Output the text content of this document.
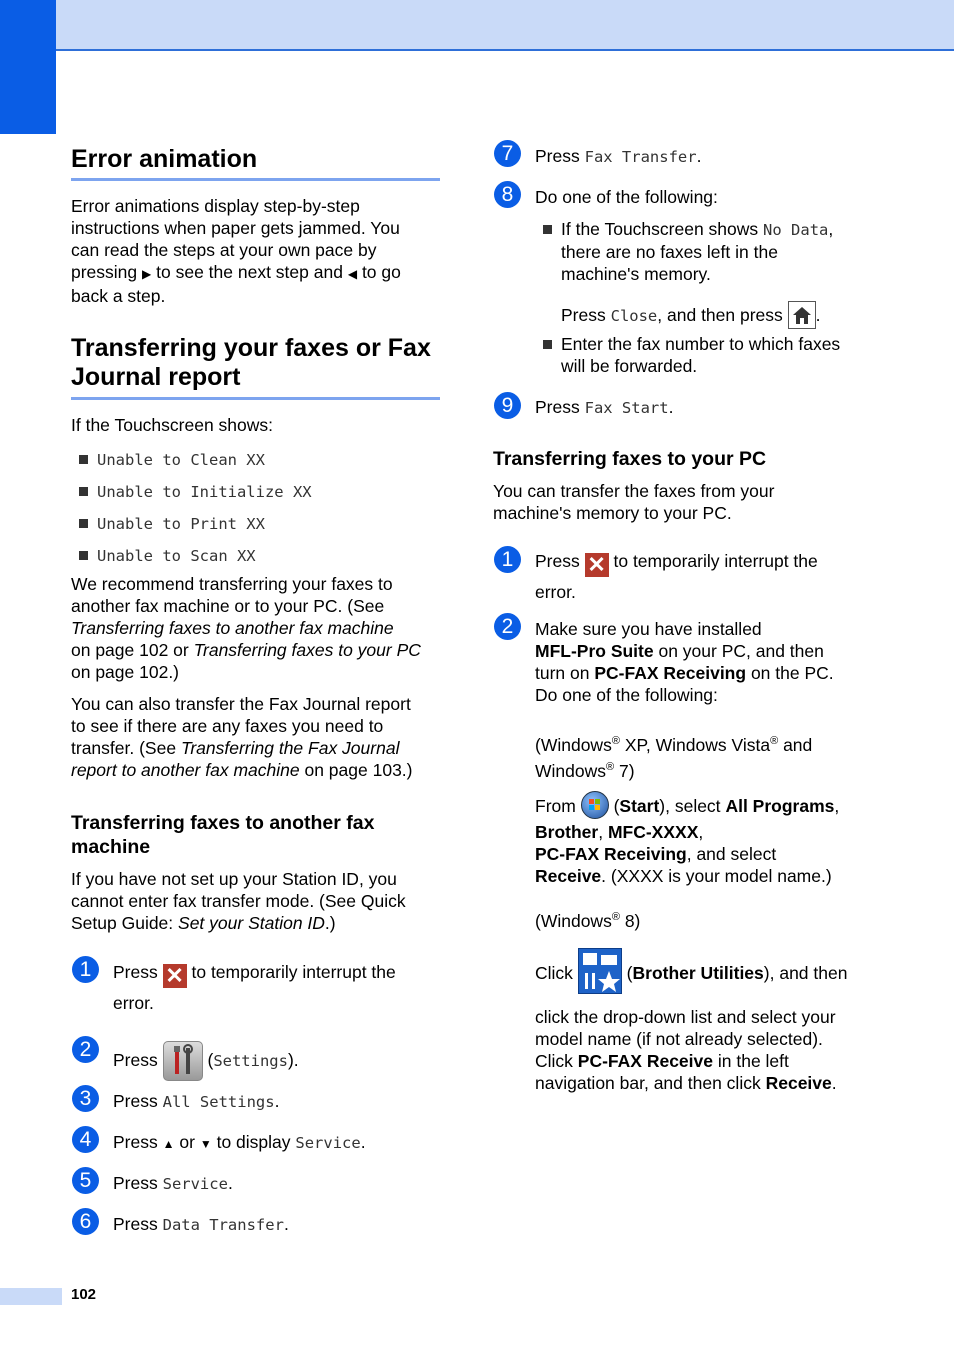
102
Error animation

Error animations display step-by-step

instructions when paper gets jammed. You

can read the steps at your own pace by

pressing ▶ to see the next step and ◀ to go

back a step.

Transferring your faxes or Fax
Journal report
If the Touchscreen shows:
Unable to Clean XX
Unable to Initialize XX
Unable to Print XX
Unable to Scan XX

We recommend transferring your faxes to

another fax machine or to your PC. (See

Transferring faxes to another fax machine

on page 102 or Transferring faxes to your PC

on page 102.)

You can also transfer the Fax Journal report

to see if there are any faxes you need to

transfer. (See Transferring the Fax Journal

report to another fax machine on page 103.)

Transferring faxes to another fax
machine

If you have not set up your Station ID, you

cannot enter fax transfer mode. (See Quick

Setup Guide: Set your Station ID.)

1	Press ✕ to temporarily interrupt the

error.

2	Press	(Settings).

3	Press All Settings.

4	Press ▲ or ▼ to display Service.

5	Press Service.

6	Press Data Transfer.

7	Press Fax Transfer.

8	Do one of the following:

If the Touchscreen shows No Data,

there are no faxes left in the

machine's memory.

Press Close, and then press .

Enter the fax number to which faxes

will be forwarded.

9	Press Fax Start.

Transferring faxes to your PC

You can transfer the faxes from your

machine's memory to your PC.

1	Press ✕ to temporarily interrupt the

error.

2	Make sure you have installed

MFL-Pro Suite on your PC, and then

turn on PC-FAX Receiving on the PC.

Do one of the following:

(Windows® XP, Windows Vista® and

Windows® 7)

From (Start), select All Programs,

Brother, MFC-XXXX,

PC-FAX Receiving, and select

Receive. (XXXX is your model name.)

(Windows® 8)

Click	(Brother Utilities), and then

click the drop-down list and select your

model name (if not already selected).

Click PC-FAX Receive in the left

navigation bar, and then click Receive.
